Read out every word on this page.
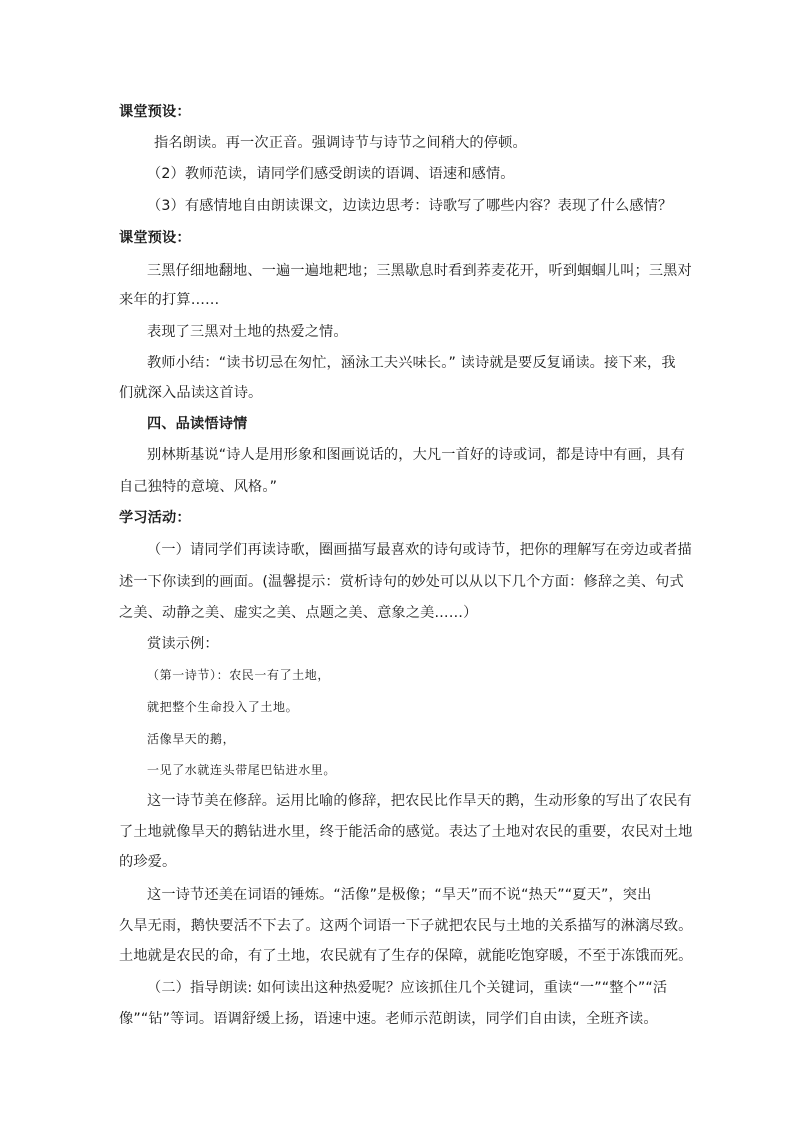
课堂预设：
指名朗读。再一次正音。强调诗节与诗节之间稍大的停顿。
（2）教师范读，请同学们感受朗读的语调、语速和感情。
（3）有感情地自由朗读课文，边读边思考：诗歌写了哪些内容？表现了什么感情？
课堂预设：
三黑仔细地翻地、一遍一遍地耙地；三黑歇息时看到荞麦花开，听到蝈蝈儿叫；三黑对
来年的打算……
表现了三黑对土地的热爱之情。
教师小结：“读书切忌在匆忙，涵泳工夫兴味长。” 读诗就是要反复诵读。接下来，我
们就深入品读这首诗。
四、品读悟诗情
别林斯基说“诗人是用形象和图画说话的，大凡一首好的诗或词，都是诗中有画，具有
自己独特的意境、风格。”
学习活动：
（一）请同学们再读诗歌，圈画描写最喜欢的诗句或诗节，把你的理解写在旁边或者描
述一下你读到的画面。(温馨提示：赏析诗句的妙处可以从以下几个方面：修辞之美、句式
之美、动静之美、虚实之美、点题之美、意象之美……）
赏读示例：
（第一诗节）：农民一有了土地，
就把整个生命投入了土地。
活像旱天的鹅，
一见了水就连头带尾巴钻进水里。
这一诗节美在修辞。运用比喻的修辞，把农民比作旱天的鹅，生动形象的写出了农民有
了土地就像旱天的鹅钻进水里，终于能活命的感觉。表达了土地对农民的重要，农民对土地
的珍爱。
这一诗节还美在词语的锤炼。“活像”是极像；“旱天”而不说“热天”“夏天”，突出
久旱无雨，鹅快要活不下去了。这两个词语一下子就把农民与土地的关系描写的淋漓尽致。
土地就是农民的命，有了土地，农民就有了生存的保障，就能吃饱穿暖，不至于冻饿而死。
（二）指导朗读: 如何读出这种热爱呢？应该抓住几个关键词，重读“一”“整个”“活
像”“钻”等词。语调舒缓上扬，语速中速。老师示范朗读，同学们自由读，全班齐读。
